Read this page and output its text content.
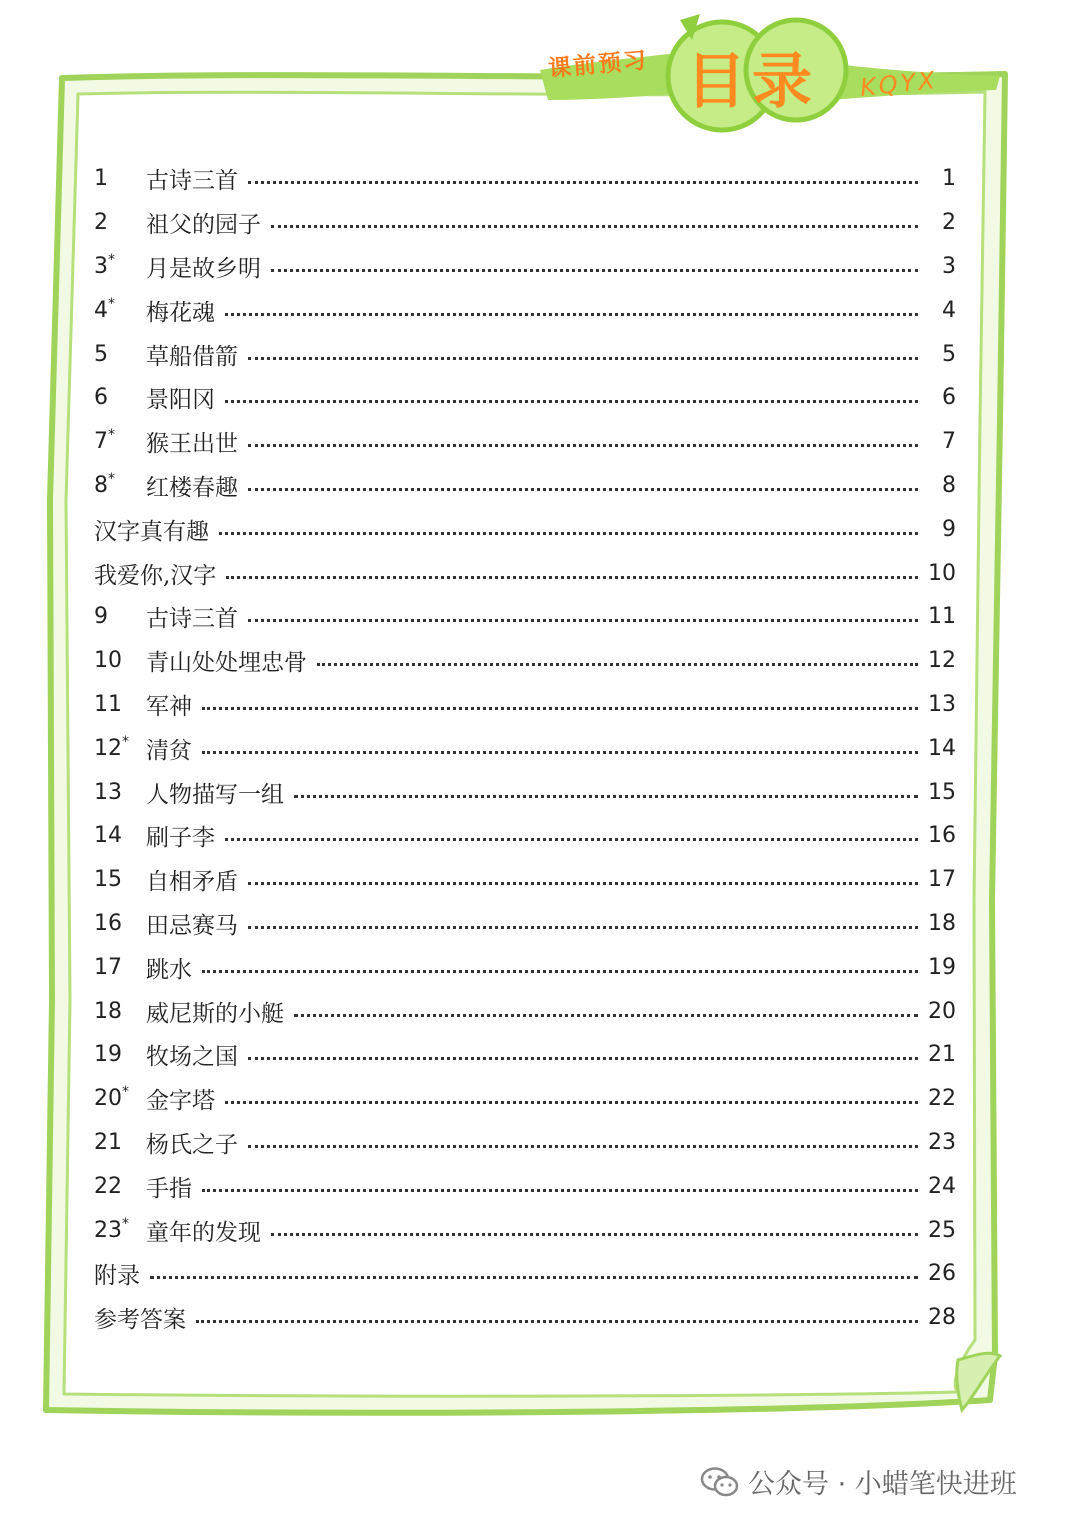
课前预习 目录 KQYX
1	古诗三首	1
2	祖父的园子	2
3*	月是故乡明	3
4*	梅花魂	4
5	草船借箭	5
6	景阳冈	6
7*	猴王出世	7
8*	红楼春趣	8
汉字真有趣	9
我爱你,汉字	10
9	古诗三首	11
10	青山处处埋忠骨	12
11	军神	13
12* 清贫	14
13	人物描写一组	15
14	刷子李	16
15	自相矛盾	17
16	田忌赛马	18
17	跳水	19
18	威尼斯的小艇	20
19	牧场之国	21
20* 金字塔	22
21	杨氏之子	23
22	手指	24
23* 童年的发现	25
附录	26
参考答案	28
公众号 · 小蜡笔快进班
